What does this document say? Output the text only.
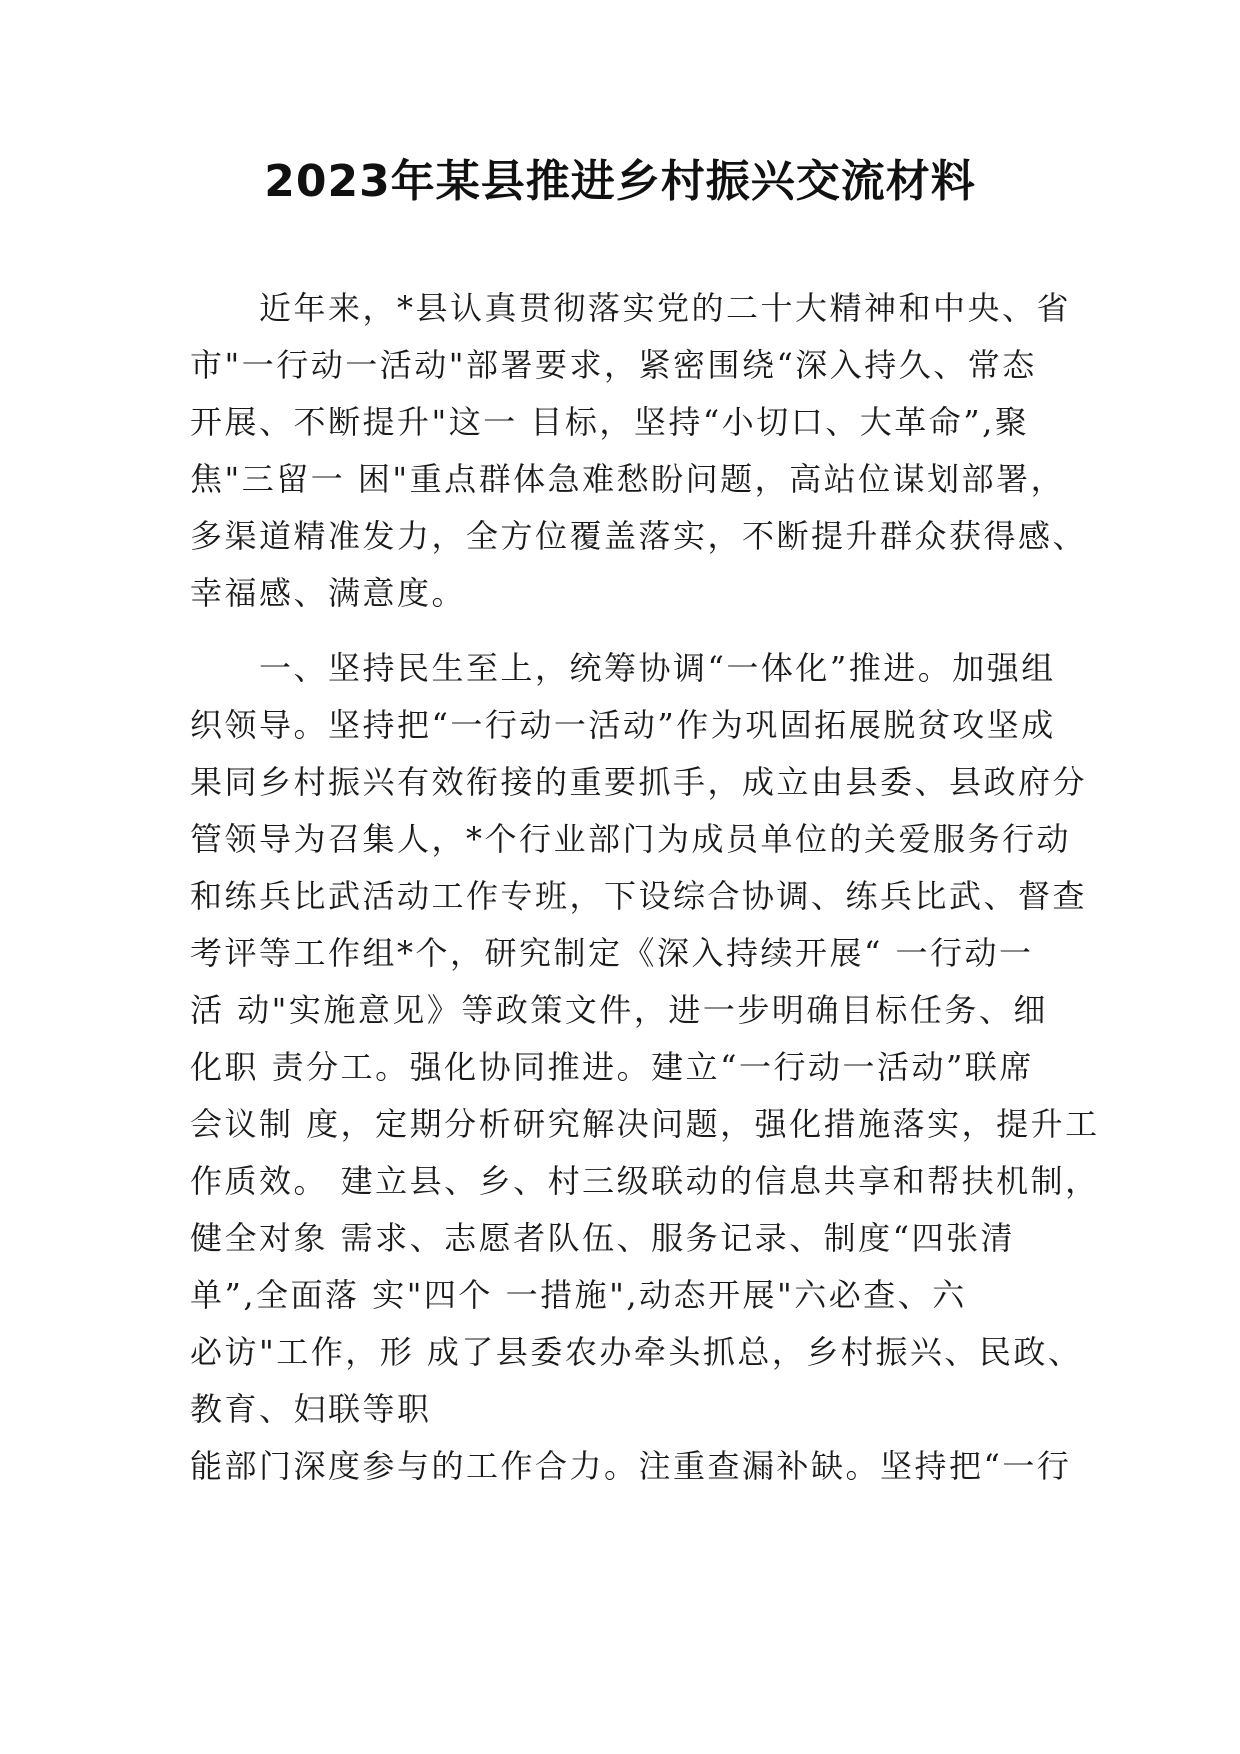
2023年某县推进乡村振兴交流材料
　　近年来，*县认真贯彻落实党的二十大精神和中央、省
市"一行动一活动"部署要求，紧密围绕“深入持久、常态
开展、不断提升"这一 目标，坚持“小切口、大革命”,聚
焦"三留一 困"重点群体急难愁盼问题，高站位谋划部署，
多渠道精准发力，全方位覆盖落实，不断提升群众获得感、
幸福感、满意度。
　　一、坚持民生至上，统筹协调“一体化”推进。加强组
织领导。坚持把“一行动一活动”作为巩固拓展脱贫攻坚成
果同乡村振兴有效衔接的重要抓手，成立由县委、县政府分
管领导为召集人，*个行业部门为成员单位的关爱服务行动
和练兵比武活动工作专班，下设综合协调、练兵比武、督查
考评等工作组*个，研究制定《深入持续开展“ 一行动一
活 动"实施意见》等政策文件，进一步明确目标任务、细
化职 责分工。强化协同推进。建立“一行动一活动”联席
会议制 度，定期分析研究解决问题，强化措施落实，提升工
作质效。 建立县、乡、村三级联动的信息共享和帮扶机制，
健全对象 需求、志愿者队伍、服务记录、制度“四张清
单”,全面落 实"四个 一措施",动态开展"六必查、六
必访"工作，形 成了县委农办牵头抓总，乡村振兴、民政、
教育、妇联等职
能部门深度参与的工作合力。注重查漏补缺。坚持把“一行
